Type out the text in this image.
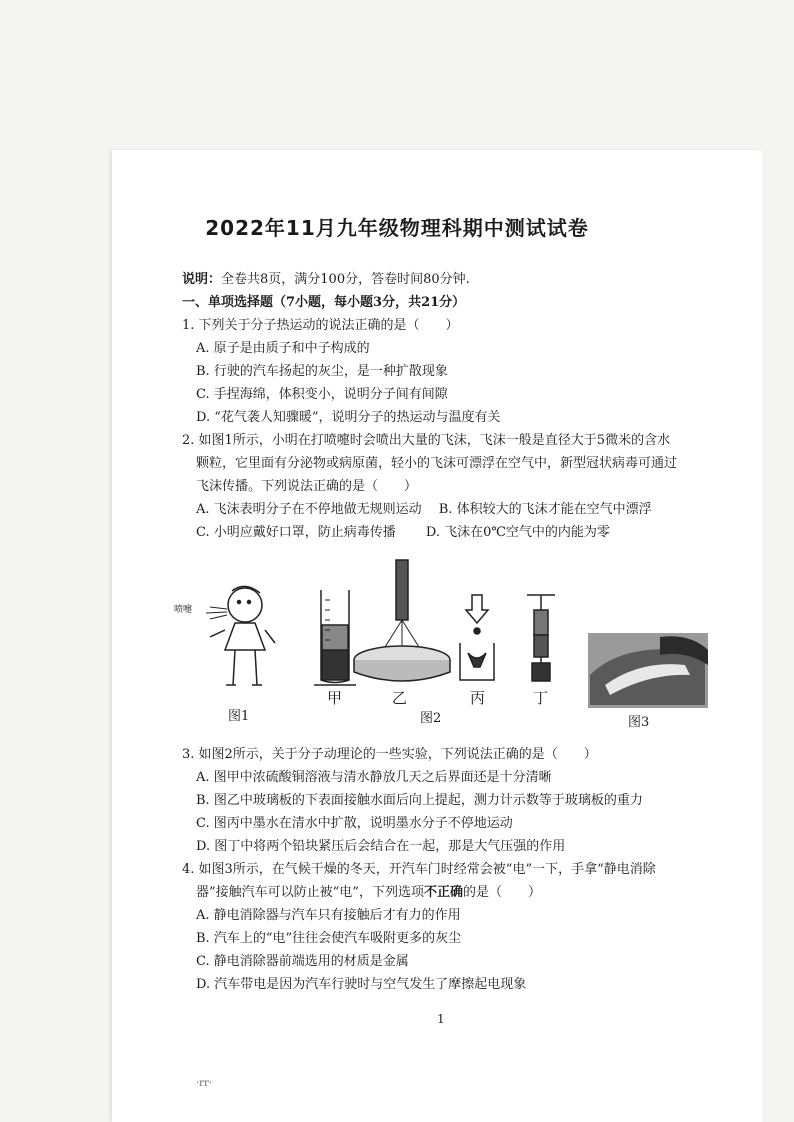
2022年11月九年级物理科期中测试试卷
说明：全卷共8页，满分100分，答卷时间80分钟.
一、单项选择题（7小题，每小题3分，共21分）
1. 下列关于分子热运动的说法正确的是（　　）
A. 原子是由质子和中子构成的
B. 行驶的汽车扬起的灰尘，是一种扩散现象
C. 手捏海绵，体积变小，说明分子间有间隙
D. “花气袭人知骤暖”，说明分子的热运动与温度有关
2. 如图1所示，小明在打喷嚏时会喷出大量的飞沫，飞沫一般是直径大于5微米的含水
颗粒，它里面有分泌物或病原菌，轻小的飞沫可漂浮在空气中，新型冠状病毒可通过
飞沫传播。下列说法正确的是（　　）
A. 飞沫表明分子在不停地做无规则运动　 B. 体积较大的飞沫才能在空气中漂浮
C. 小明应戴好口罩，防止病毒传播　　 D. 飞沫在0℃空气中的内能为零
喷嚏
图1
甲	乙	丙	丁
图2	图3
3. 如图2所示，关于分子动理论的一些实验，下列说法正确的是（　　）
A. 图甲中浓硫酸铜溶液与清水静放几天之后界面还是十分清晰
B. 图乙中玻璃板的下表面接触水面后向上提起，测力计示数等于玻璃板的重力
C. 图丙中墨水在清水中扩散，说明墨水分子不停地运动
D. 图丁中将两个铅块紧压后会结合在一起，那是大气压强的作用
4. 如图3所示，在气候干燥的冬天，开汽车门时经常会被“电”一下，手拿“静电消除
器”接触汽车可以防止被“电”，下列选项不正确的是（　　）
A. 静电消除器与汽车只有接触后才有力的作用
B. 汽车上的“电”往往会使汽车吸附更多的灰尘
C. 静电消除器前端选用的材质是金属
D. 汽车带电是因为汽车行驶时与空气发生了摩擦起电现象
1
·rr·
